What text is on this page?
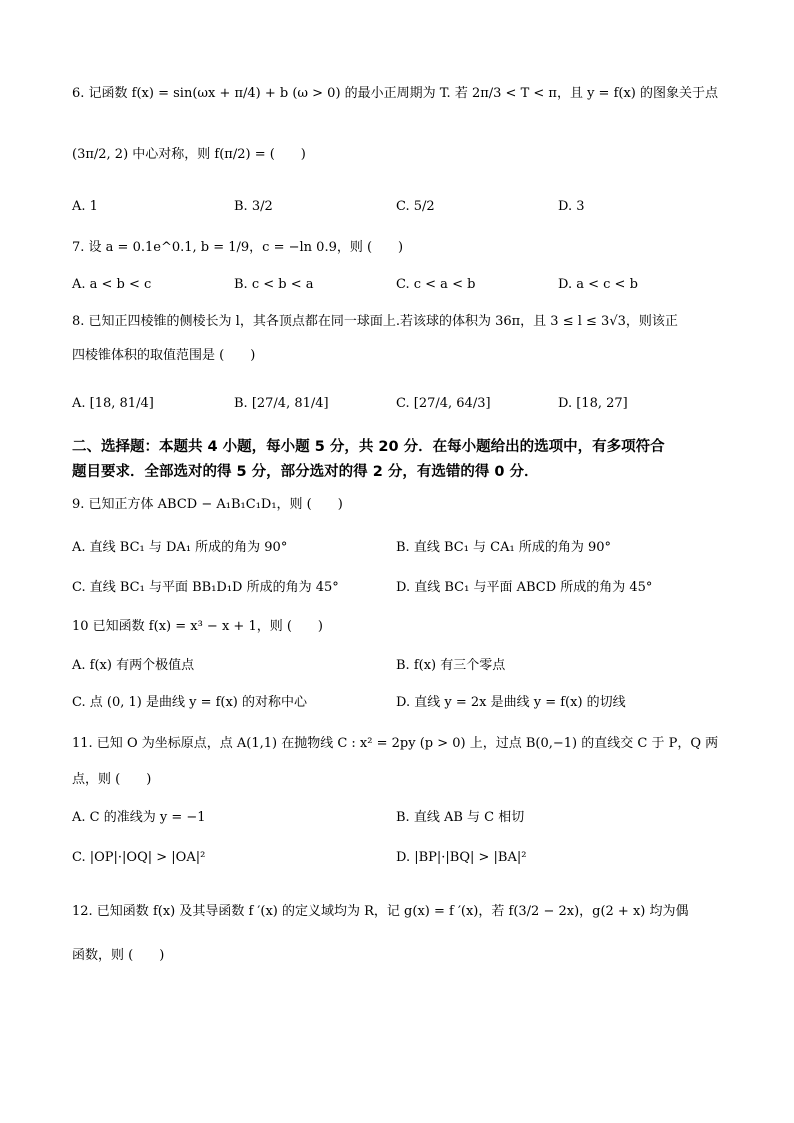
6. 记函数 f(x) = sin(ωx + π/4) + b (ω > 0) 的最小正周期为 T. 若 2π/3 < T < π，且 y = f(x) 的图象关于点
(3π/2, 2) 中心对称，则 f(π/2) = (　　)
A. 1	B. 3/2	C. 5/2	D. 3
7. 设 a = 0.1e^0.1, b = 1/9，c = −ln 0.9，则 (　　)
A. a < b < c	B. c < b < a	C. c < a < b	D. a < c < b
8. 已知正四棱锥的侧棱长为 l，其各顶点都在同一球面上.若该球的体积为 36π，且 3 ≤ l ≤ 3√3，则该正
四棱锥体积的取值范围是 (　　)
A. [18, 81/4]	B. [27/4, 81/4]	C. [27/4, 64/3]	D. [18, 27]
二、选择题：本题共 4 小题，每小题 5 分，共 20 分．在每小题给出的选项中，有多项符合
题目要求．全部选对的得 5 分，部分选对的得 2 分，有选错的得 0 分．
9. 已知正方体 ABCD − A₁B₁C₁D₁，则 (　　)
A. 直线 BC₁ 与 DA₁ 所成的角为 90°	B. 直线 BC₁ 与 CA₁ 所成的角为 90°
C. 直线 BC₁ 与平面 BB₁D₁D 所成的角为 45°	D. 直线 BC₁ 与平面 ABCD 所成的角为 45°
10 已知函数 f(x) = x³ − x + 1，则 (　　)
A. f(x) 有两个极值点	B. f(x) 有三个零点
C. 点 (0, 1) 是曲线 y = f(x) 的对称中心	D. 直线 y = 2x 是曲线 y = f(x) 的切线
11. 已知 O 为坐标原点，点 A(1,1) 在抛物线 C : x² = 2py (p > 0) 上，过点 B(0,−1) 的直线交 C 于 P，Q 两
点，则 (　　)
A. C 的准线为 y = −1	B. 直线 AB 与 C 相切
C. |OP|·|OQ| > |OA|²	D. |BP|·|BQ| > |BA|²
12. 已知函数 f(x) 及其导函数 f ′(x) 的定义域均为 R，记 g(x) = f ′(x)，若 f(3/2 − 2x)，g(2 + x) 均为偶
函数，则 (　　)
